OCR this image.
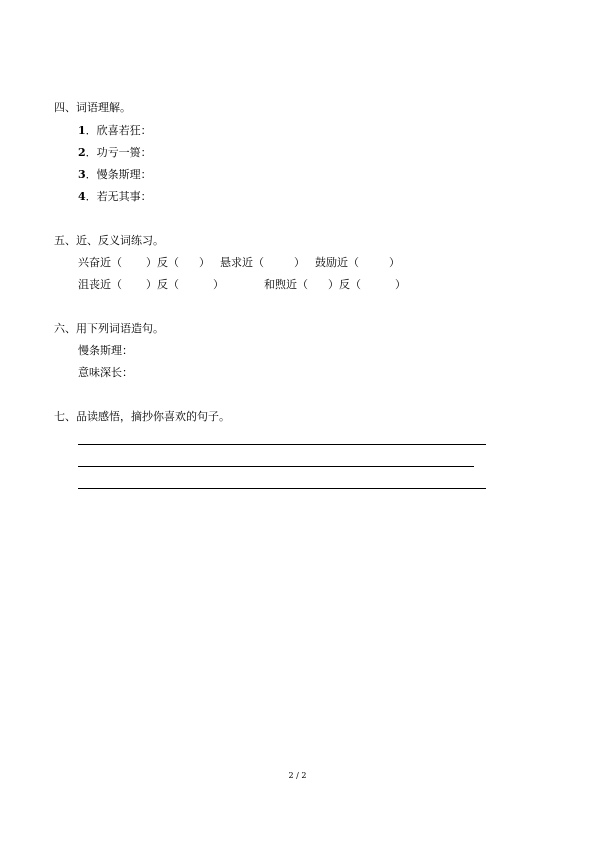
四、词语理解。
1．欣喜若狂：
2．功亏一篑：
3．慢条斯理：
4．若无其事：
五、近、反义词练习。
兴奋近（ ）反（ ） 悬求近（	） 鼓励近（	）
沮丧近（ ）反（	）	和煦近（ ）反（	）
六、用下列词语造句。
慢条斯理：
意味深长：
七、品读感悟，摘抄你喜欢的句子。
2 / 2
